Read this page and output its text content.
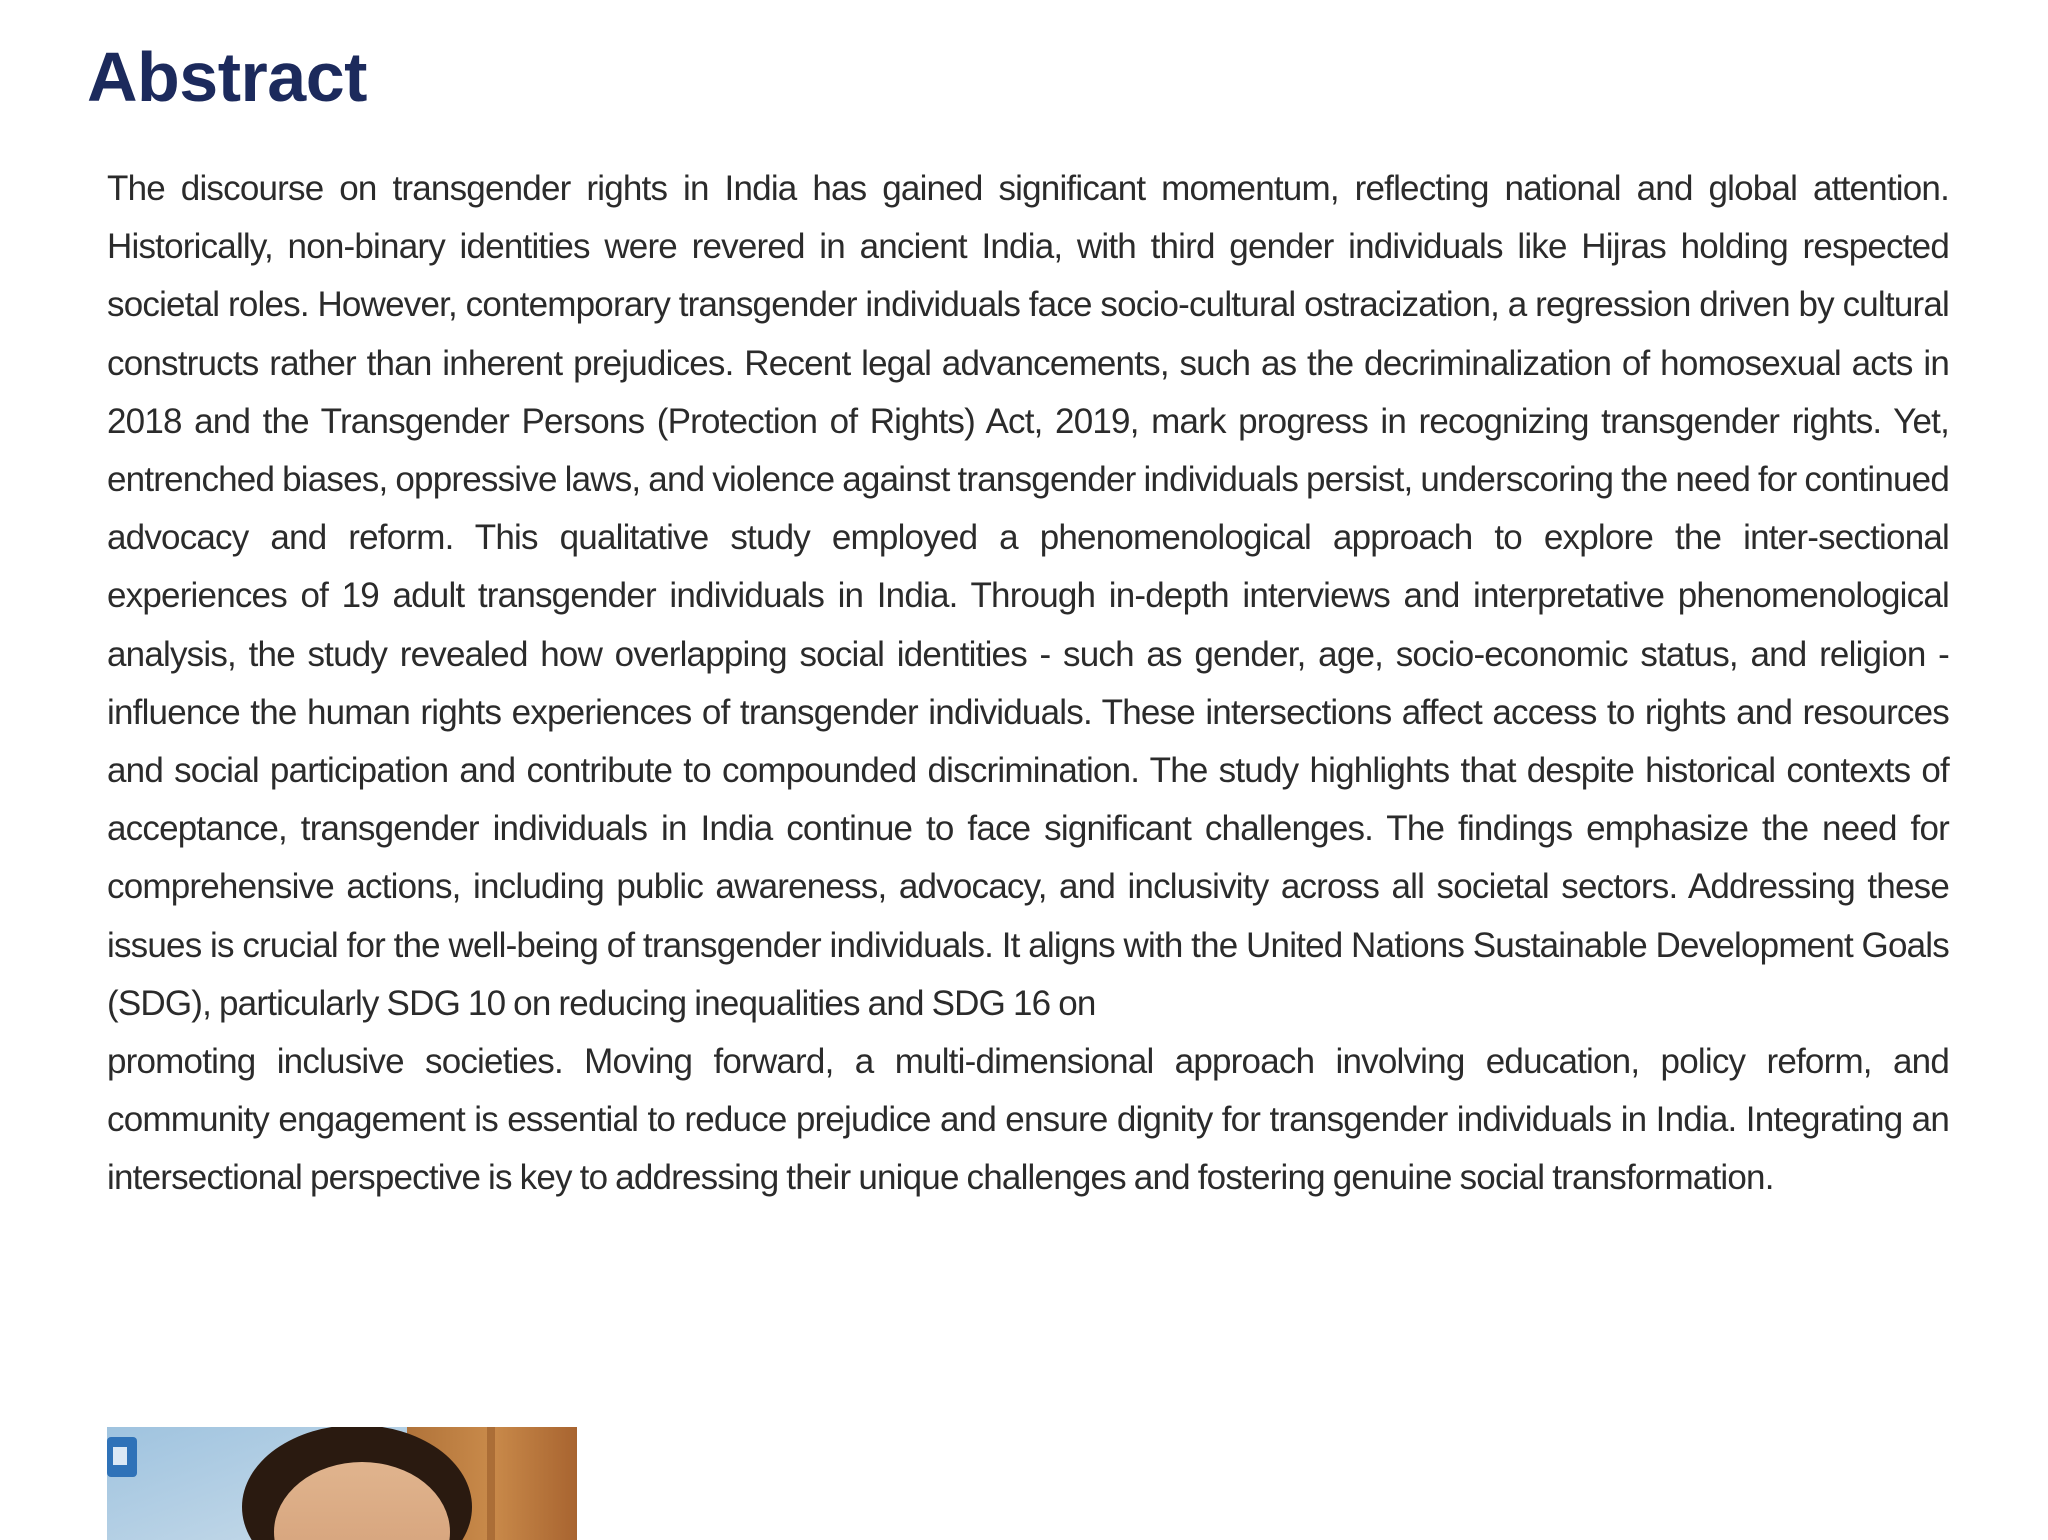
Abstract

The discourse on transgender rights in India has gained significant momentum, reflecting national and global attention. Historically, non-binary identities were revered in ancient India, with third gender individuals like Hijras holding respected societal roles. However, contemporary transgender individuals face socio-cultural ostracization, a regression driven by cultural constructs rather than inherent prejudices. Recent legal advancements, such as the decriminalization of homosexual acts in 2018 and the Transgender Persons (Protection of Rights) Act, 2019, mark progress in recognizing transgender rights. Yet, entrenched biases, oppressive laws, and violence against transgender individuals persist, underscoring the need for continued advocacy and reform. This qualitative study employed a phenomenological approach to explore the inter-sectional experiences of 19 adult transgender individuals in India. Through in-depth interviews and interpretative phenomenological analysis, the study revealed how overlapping social identities - such as gender, age, socio-economic status, and religion - influence the human rights experiences of transgender individuals. These intersections affect access to rights and resources and social participation and contribute to compounded discrimination. The study highlights that despite historical contexts of acceptance, transgender individuals in India continue to face significant challenges. The findings emphasize the need for comprehensive actions, including public awareness, advocacy, and inclusivity across all societal sectors. Addressing these issues is crucial for the well-being of transgender individuals. It aligns with the United Nations Sustainable Development Goals (SDG), particularly SDG 10 on reducing inequalities and SDG 16 on

promoting inclusive societies. Moving forward, a multi-dimensional approach involving education, policy reform, and community engagement is essential to reduce prejudice and ensure dignity for transgender individuals in India. Integrating an intersectional perspective is key to addressing their unique challenges and fostering genuine social transformation.
